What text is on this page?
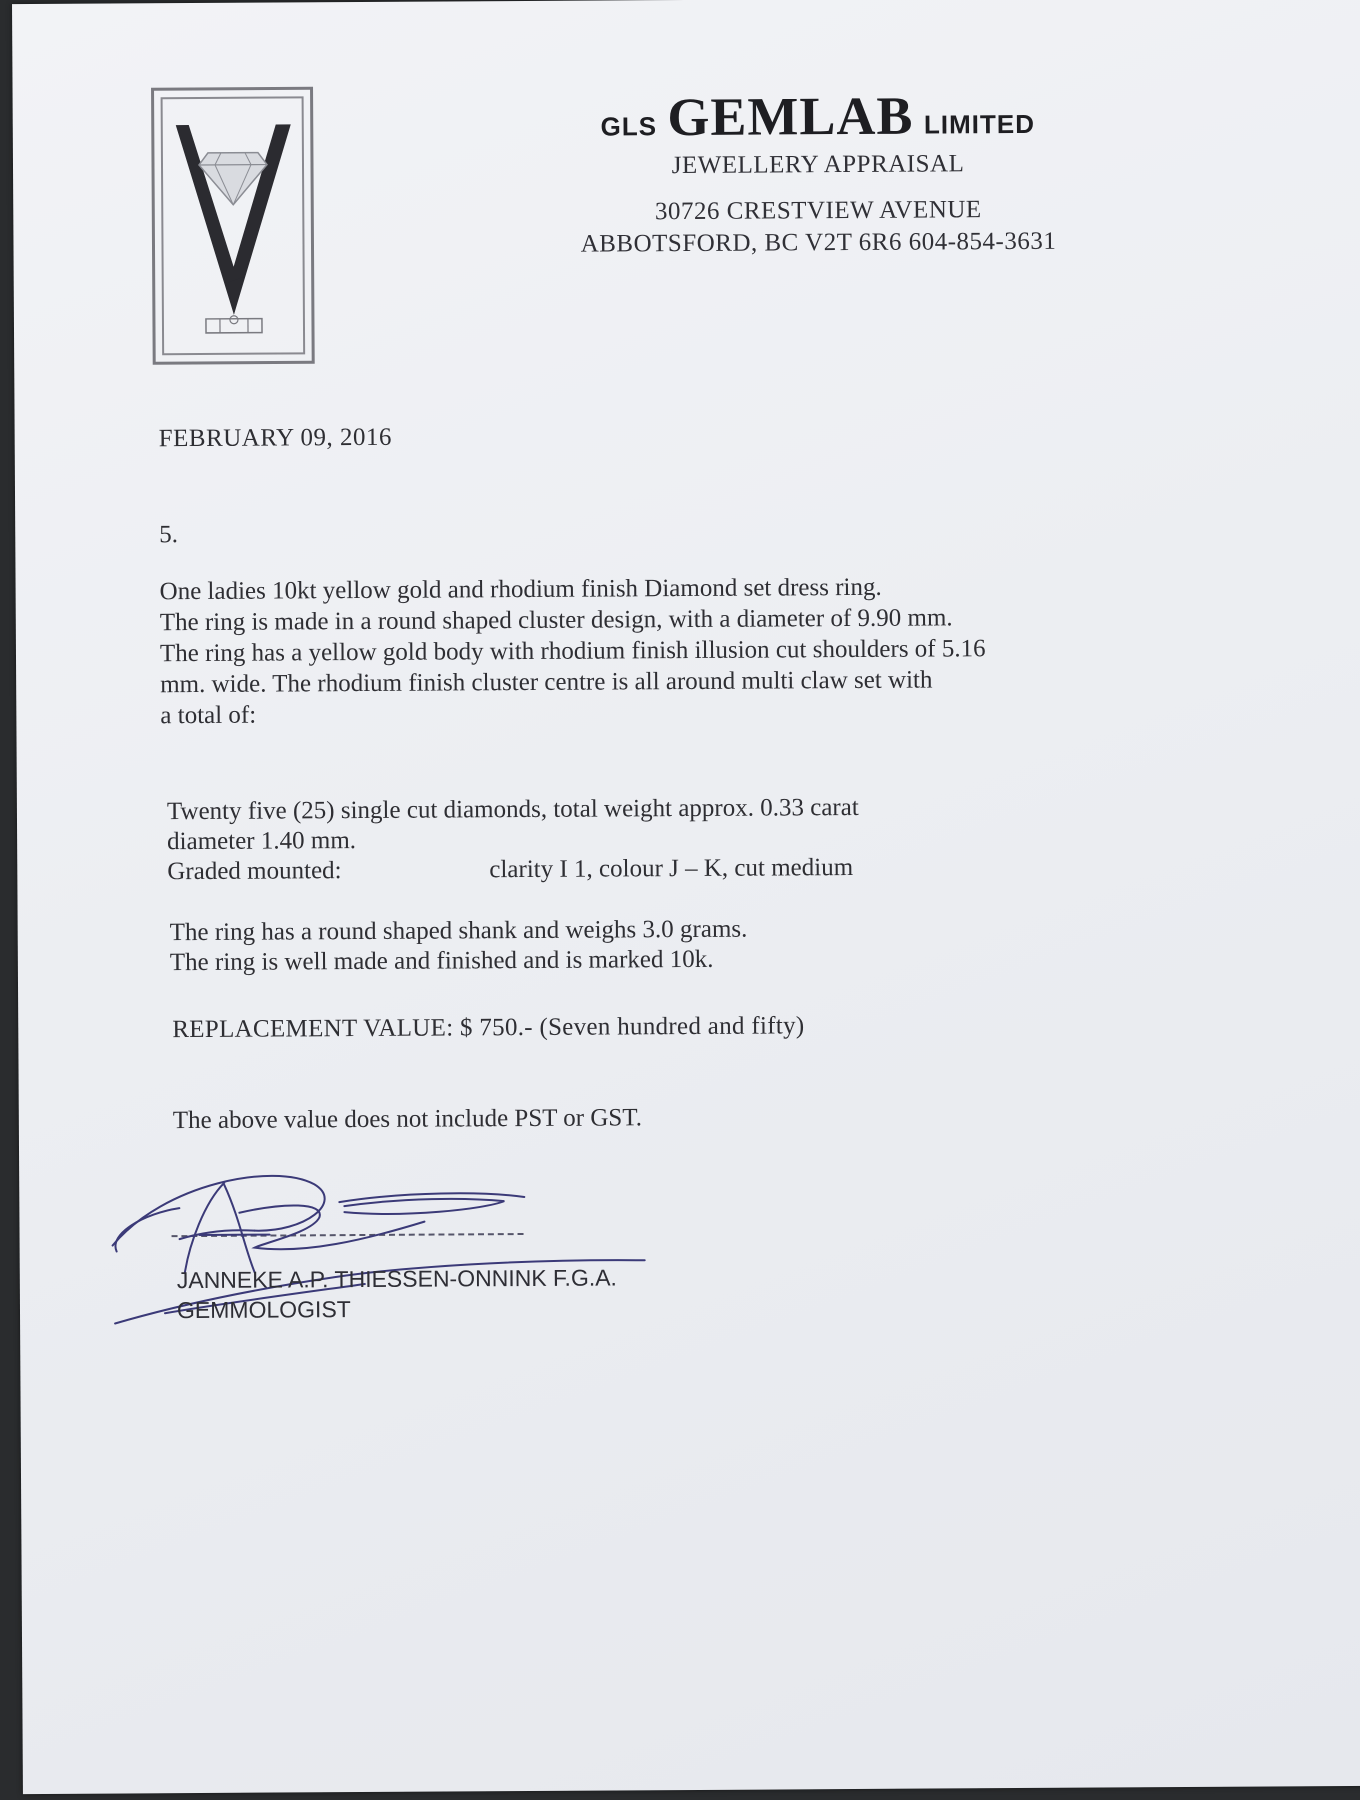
GLS GEMLAB LIMITED
JEWELLERY APPRAISAL
30726 CRESTVIEW AVENUE
ABBOTSFORD, BC V2T 6R6 604-854-3631
FEBRUARY 09, 2016
5.
One ladies 10kt yellow gold and rhodium finish Diamond set dress ring.
The ring is made in a round shaped cluster design, with a diameter of 9.90 mm.
The ring has a yellow gold body with rhodium finish illusion cut shoulders of 5.16
mm. wide. The rhodium finish cluster centre is all around multi claw set with
a total of:
Twenty five (25) single cut diamonds, total weight approx. 0.33 carat
diameter 1.40 mm.
Graded mounted:	clarity I 1, colour J – K, cut medium
The ring has a round shaped shank and weighs 3.0 grams.
The ring is well made and finished and is marked 10k.
REPLACEMENT VALUE: $ 750.- (Seven hundred and fifty)
The above value does not include PST or GST.
JANNEKE A.P. THIESSEN-ONNINK F.G.A.
GEMMOLOGIST
